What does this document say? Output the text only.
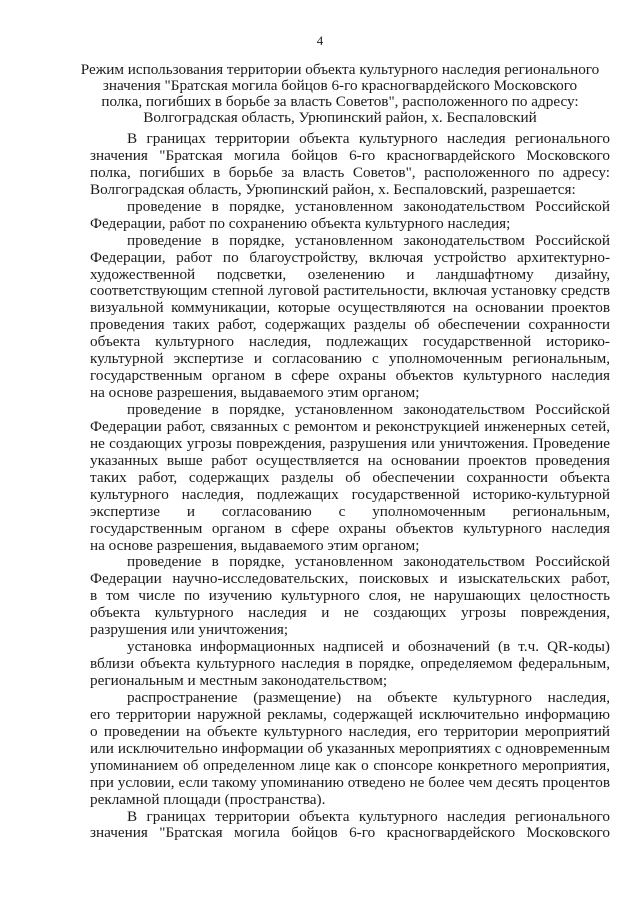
4
Режим использования территории объекта культурного наследия регионального
значения "Братская могила бойцов 6-го красногвардейского Московского
полка, погибших в борьбе за власть Советов", расположенного по адресу:
Волгоградская область, Урюпинский район, х. Беспаловский
В границах территории объекта культурного наследия регионального
значения "Братская могила бойцов 6-го красногвардейского Московского
полка, погибших в борьбе за власть Советов", расположенного по адресу:
Волгоградская область, Урюпинский район, х. Беспаловский, разрешается:
проведение в порядке, установленном законодательством Российской
Федерации, работ по сохранению объекта культурного наследия;
проведение в порядке, установленном законодательством Российской
Федерации, работ по благоустройству, включая устройство архитектурно-
художественной подсветки, озеленению и ландшафтному дизайну,
соответствующим степной луговой растительности, включая установку средств
визуальной коммуникации, которые осуществляются на основании проектов
проведения таких работ, содержащих разделы об обеспечении сохранности
объекта культурного наследия, подлежащих государственной историко-
культурной экспертизе и согласованию с уполномоченным региональным,
государственным органом в сфере охраны объектов культурного наследия
на основе разрешения, выдаваемого этим органом;
проведение в порядке, установленном законодательством Российской
Федерации работ, связанных с ремонтом и реконструкцией инженерных сетей,
не создающих угрозы повреждения, разрушения или уничтожения. Проведение
указанных выше работ осуществляется на основании проектов проведения
таких работ, содержащих разделы об обеспечении сохранности объекта
культурного наследия, подлежащих государственной историко-культурной
экспертизе и согласованию с уполномоченным региональным,
государственным органом в сфере охраны объектов культурного наследия
на основе разрешения, выдаваемого этим органом;
проведение в порядке, установленном законодательством Российской
Федерации научно-исследовательских, поисковых и изыскательских работ,
в том числе по изучению культурного слоя, не нарушающих целостность
объекта культурного наследия и не создающих угрозы повреждения,
разрушения или уничтожения;
установка информационных надписей и обозначений (в т.ч. QR-коды)
вблизи объекта культурного наследия в порядке, определяемом федеральным,
региональным и местным законодательством;
распространение (размещение) на объекте культурного наследия,
его территории наружной рекламы, содержащей исключительно информацию
о проведении на объекте культурного наследия, его территории мероприятий
или исключительно информации об указанных мероприятиях с одновременным
упоминанием об определенном лице как о спонсоре конкретного мероприятия,
при условии, если такому упоминанию отведено не более чем десять процентов
рекламной площади (пространства).
В границах территории объекта культурного наследия регионального
значения "Братская могила бойцов 6-го красногвардейского Московского
